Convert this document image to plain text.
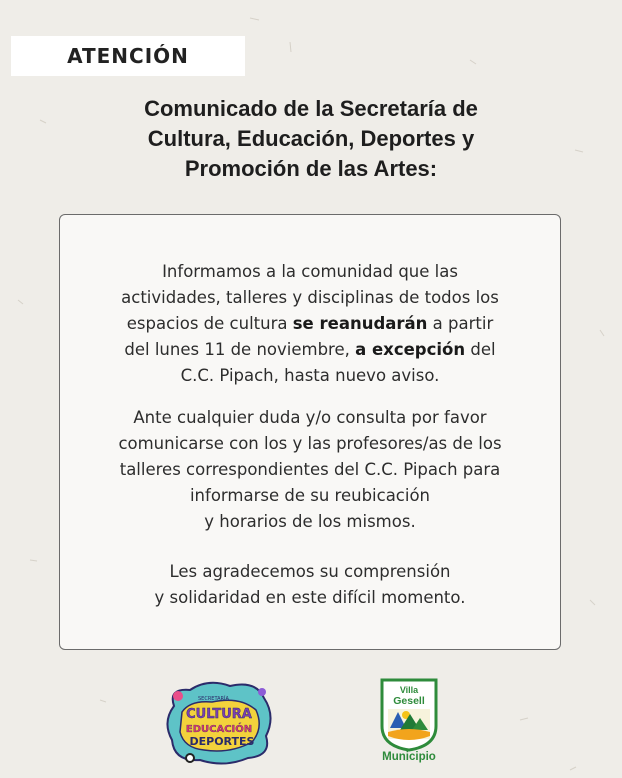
ATENCIÓN
Comunicado de la Secretaría de
Cultura, Educación, Deportes y
Promoción de las Artes:
Informamos a la comunidad que las
actividades, talleres y disciplinas de todos los
espacios de cultura se reanudarán a partir
del lunes 11 de noviembre, a excepción del
C.C. Pipach, hasta nuevo aviso.
Ante cualquier duda y/o consulta por favor
comunicarse con los y las profesores/as de los
talleres correspondientes del C.C. Pipach para
informarse de su reubicación
y horarios de los mismos.
Les agradecemos su comprensión
y solidaridad en este difícil momento.
SECRETARÍA
CULTURA
EDUCACIÓN
DEPORTES
Villa
Gesell
Municipio
